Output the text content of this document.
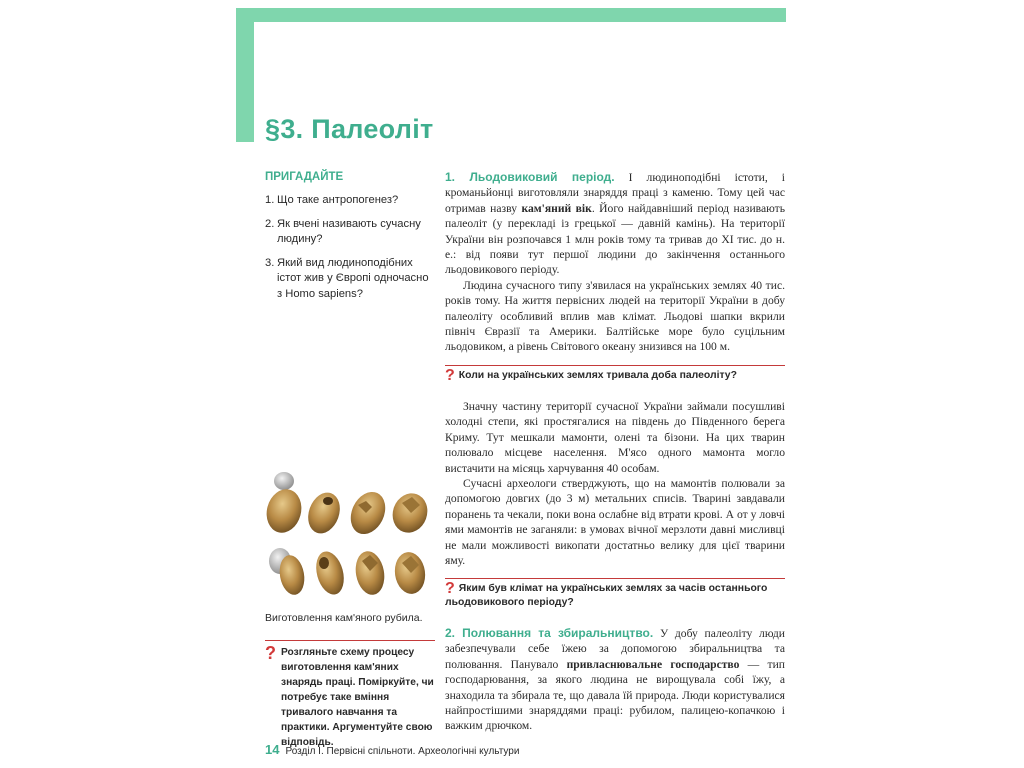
§3. Палеоліт
ПРИГАДАЙТЕ
1. Що таке антропогенез?
2. Як вчені називають сучасну людину?
3. Який вид людиноподібних істот жив у Європі одночасно з Homo sapiens?

1. Льодовиковий період. І людиноподібні істоти, і кроманьйонці виготовляли знаряддя праці з каменю. Тому цей час отримав назву кам'яний вік. Його найдавніший період називають палеоліт (у перекладі із грецької — давній камінь). На території України він розпочався 1 млн років тому та тривав до XI тис. до н. е.: від появи тут першої людини до закінчення останнього льодовикового періоду.

Людина сучасного типу з'явилася на українських землях 40 тис. років тому. На життя первісних людей на території України в добу палеоліту особливий вплив мав клімат. Льодові шапки вкрили північ Євразії та Америки. Балтійське море було суцільним льодовиком, а рівень Світового океану знизився на 100 м.

? Коли на українських землях тривала доба палеоліту?

Значну частину території сучасної України займали посушливі холодні степи, які простягалися на південь до Південного берега Криму. Тут мешкали мамонти, олені та бізони. На цих тварин полювало місцеве населення. М'ясо одного мамонта могло вистачити на місяць харчування 40 особам.

Сучасні археологи стверджують, що на мамонтів полювали за допомогою довгих (до 3 м) метальних списів. Тварині завдавали поранень та чекали, поки вона ослабне від втрати крові. А от у ловчі ями мамонтів не заганяли: в умовах вічної мерзлоти давні мисливці не мали можливості викопати достатньо велику для цієї тварини яму.

? Яким був клімат на українських землях за часів останнього льодовикового періоду?

2. Полювання та збиральництво. У добу палеоліту люди забезпечували себе їжею за допомогою збиральництва та полювання. Панувало привласнювальне господарство — тип господарювання, за якого людина не вирощувала собі їжу, а знаходила та збирала те, що давала їй природа. Люди користувалися найпростішими знаряддями праці: рубилом, палицею-копачкою і важким дрючком.

Виготовлення кам'яного рубила.
? Розгляньте схему процесу виготовлення кам'яних знарядь праці. Поміркуйте, чи потребує таке вміння тривалого навчання та практики. Аргументуйте свою відповідь.
14 Розділ І. Первісні спільноти. Археологічні культури
